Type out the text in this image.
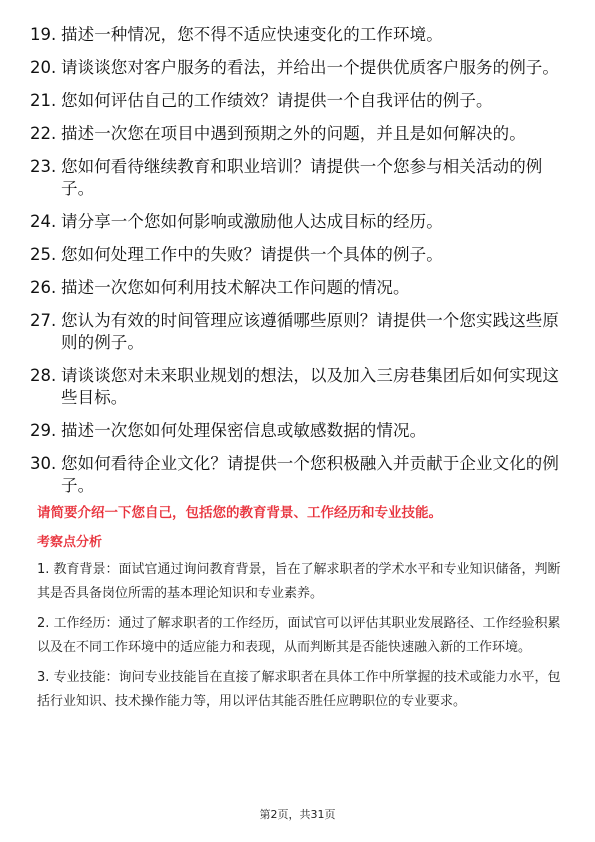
19. 描述一种情况，您不得不适应快速变化的工作环境。
20. 请谈谈您对客户服务的看法，并给出一个提供优质客户服务的例子。
21. 您如何评估自己的工作绩效？请提供一个自我评估的例子。
22. 描述一次您在项目中遇到预期之外的问题，并且是如何解决的。
23. 您如何看待继续教育和职业培训？请提供一个您参与相关活动的例子。
24. 请分享一个您如何影响或激励他人达成目标的经历。
25. 您如何处理工作中的失败？请提供一个具体的例子。
26. 描述一次您如何利用技术解决工作问题的情况。
27. 您认为有效的时间管理应该遵循哪些原则？请提供一个您实践这些原则的例子。
28. 请谈谈您对未来职业规划的想法，以及加入三房巷集团后如何实现这些目标。
29. 描述一次您如何处理保密信息或敏感数据的情况。
30. 您如何看待企业文化？请提供一个您积极融入并贡献于企业文化的例子。

请简要介绍一下您自己，包括您的教育背景、工作经历和专业技能。

考察点分析

1. 教育背景：面试官通过询问教育背景，旨在了解求职者的学术水平和专业知识储备，判断其是否具备岗位所需的基本理论知识和专业素养。

2. 工作经历：通过了解求职者的工作经历，面试官可以评估其职业发展路径、工作经验积累以及在不同工作环境中的适应能力和表现，从而判断其是否能快速融入新的工作环境。

3. 专业技能：询问专业技能旨在直接了解求职者在具体工作中所掌握的技术或能力水平，包括行业知识、技术操作能力等，用以评估其能否胜任应聘职位的专业要求。

第2页，共31页
